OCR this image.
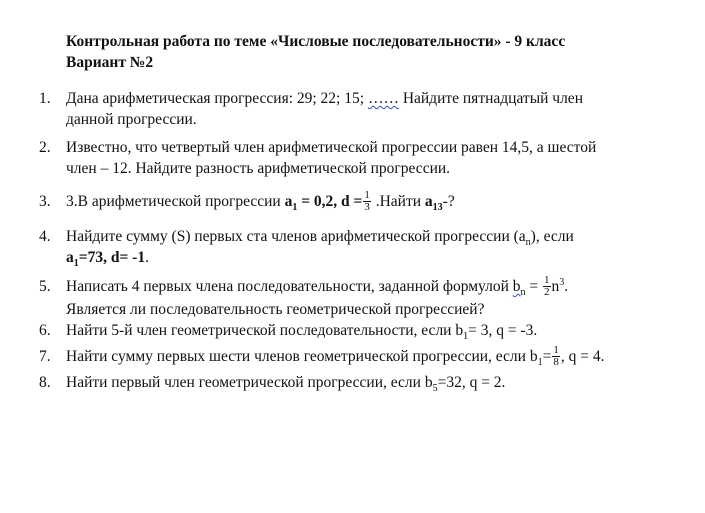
Контрольная работа по теме «Числовые последовательности» - 9 класс
Вариант №2
1. Дана арифметическая прогрессия: 29; 22; 15; …… Найдите пятнадцатый член
данной прогрессии.
2. Известно, что четвертый член арифметической прогрессии равен 14,5, а шестой
член – 12. Найдите разность арифметической прогрессии.
3. 3.В арифметической прогрессии $a_1 = 0,2$, $d = \frac{1}{3}$ .Найти $a_{13}-$?
4. Найдите сумму (S) первых ста членов арифметической прогрессии $(a_n)$, если
$a_1=73$, d= -1.
5. Написать 4 первых члена последовательности, заданной формулой $b_n = \frac{1}{2} n^3$.
Является ли последовательность геометрической прогрессией?
6. Найти 5-й член геометрической последовательности, если $b_1= 3$, q = -3.
7. Найти сумму первых шести членов геометрической прогрессии, если $b_1= \frac{1}{8}$ , q = 4.
8. Найти первый член геометрической прогрессии, если $b_5=32$, q = 2.
